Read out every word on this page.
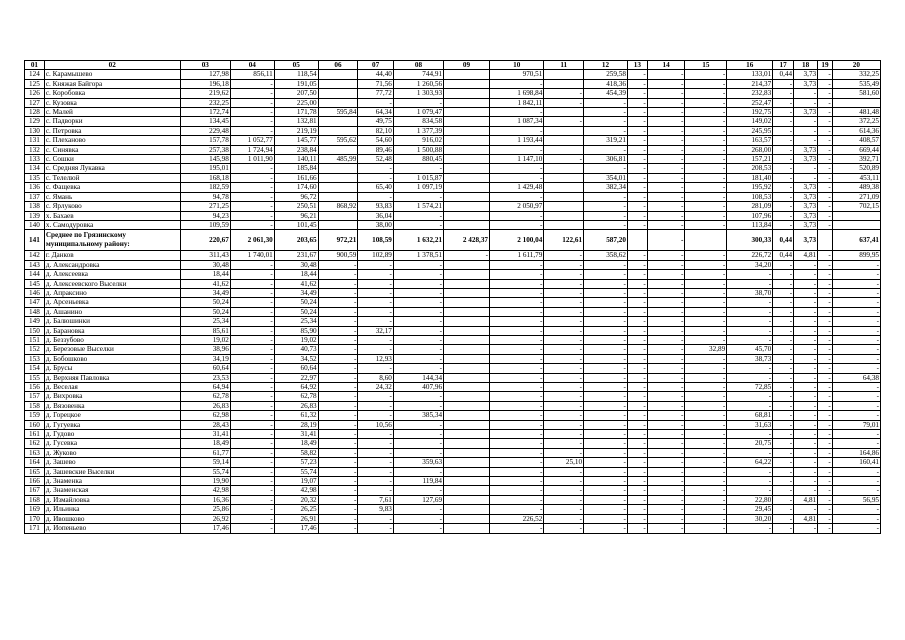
01	02	03	04	05	06	07	08	09	10	11	12	13	14	15	16	17	18	19	20
124	с. Карамышево	127,98	856,11	118,54		44,40	744,91		970,51		259,58	-	-	-	133,01	0,44	3,73	-	332,25
125	с. Княжая Байгора	196,18	-	191,05		71,56	1 260,56		-		418,36	-	-	-	214,37	-	3,73	-	535,49
126	с. Коробовка	219,62	-	207,50		77,72	1 303,93		1 698,84	-	454,39	-	-	-	232,83	-	-	-	581,60
127	с. Кузовка	232,25	-	225,00		-	-		1 842,11	-	-	-	-	-	252,47	-	-	-	
128	с. Малей	172,74	-	171,78	595,84	64,34	1 079,47		-		-	-	-	-	192,75	-	3,73	-	481,48
129	с. Падворки	134,45	-	132,81		49,75	834,58		1 087,34	-	-	-	-	-	149,02	-	-	-	372,25
130	с. Петровка	229,48	-	219,19		82,10	1 377,39		-		-	-	-	-	245,95	-	-	-	614,36
131	с. Плехановo	157,78	1 052,77	145,77	595,62	54,60	916,02		1 193,44		319,21	-	-	-	163,57	-	-	-	408,57
132	с. Синявка	257,38	1 724,94	238,84		89,46	1 500,88		-		-	-	-	-	268,00	-	3,73	-	669,44
133	с. Сошки	145,98	1 011,90	140,11	485,99	52,48	880,45		1 147,10	-	306,81	-	-	-	157,21	-	3,73	-	392,71
134	с. Средняя Лукавка	195,01	-	185,84		-	-		-		-	-	-	-	208,53	-	-	-	520,89
135	с. Телелюй	168,18	-	161,66		-	1 015,87		-		354,01	-	-	-	181,40	-	-	-	453,11
136	с. Фащевка	182,59	-	174,60		65,40	1 097,19		1 429,48		382,34	-	-	-	195,92	-	3,73	-	489,38
137	с. Ямань	94,78	-	96,72		-	-		-		-	-	-	-	108,53	-	3,73	-	271,09
138	с. Ярлуково	271,25	-	250,51	868,92	93,83	1 574,21		2 050,97		-	-	-	-	281,09	-	3,73	-	702,15
139	х. Бахаев	94,23	-	96,21		36,04	-		-		-	-	-	-	107,96	-	3,73	-	
140	х. Самодуровка	109,59	-	101,45		38,00	-		-		-	-	-	-	113,84	-	3,73	-	
141	Среднее по Грязинскому муниципальному району:	220,67	2 061,30	203,65	972,21	108,59	1 632,21	2 428,37	2 100,04	122,61	587,20		-		300,33	0,44	3,73		637,41
142	г. Данков	311,43	1 740,01	231,67	900,59	102,89	1 378,51	-	1 611,79	-	358,62	-	-	-	226,72	0,44	4,81	-	899,95
143	д. Александровка	30,48	-	30,48	-	-	-		-	-	-	-	-	-	34,20	-	-	-	-
144	д. Алексеевка	18,44	-	18,44	-	-	-		-	-	-	-	-	-	-	-	-	-	-
145	д. Алексеевского Выселки	41,62	-	41,62	-	-	-		-	-	-	-	-	-	-	-	-	-	-
146	д. Апраксино	34,49	-	34,49	-	-	-		-	-	-	-	-	-	38,70	-	-	-	-
147	д. Арсеньевка	50,24	-	50,24	-	-	-		-	-	-	-	-	-	-	-	-	-	-
148	д. Ашанино	50,24	-	50,24	-	-	-		-	-	-	-	-	-	-	-	-	-	-
149	д. Балюшинки	25,34	-	25,34	-	-	-		-	-	-	-	-	-	-	-	-	-	-
150	д. Барановка	85,61	-	85,90	-	32,17	-		-	-	-	-	-	-	-	-	-	-	-
151	д. Беззубово	19,02	-	19,02	-	-	-		-	-	-	-	-	-	-	-	-	-	-
152	д. Березовые Выселки	38,96	-	40,73	-	-	-		-	-	-	-	-	32,89	45,70	-	-	-	-
153	д. Бобошково	34,19	-	34,52	-	12,93	-		-	-	-	-	-	-	38,73	-	-	-	-
154	д. Брусы	60,64	-	60,64	-	-	-		-	-	-	-	-	-	-	-	-	-	-
155	д. Верхняя Павловка	23,53	-	22,97	-	8,60	144,34		-	-	-	-	-	-	-	-	-	-	64,38
156	д. Веселая	64,94	-	64,92	-	24,32	407,96		-	-	-	-	-	-	72,85	-	-	-	-
157	д. Вихровка	62,78	-	62,78	-	-	-		-	-	-	-	-	-	-	-	-	-	-
158	д. Вязовенка	26,83	-	26,83	-	-	-		-	-	-	-	-	-	-	-	-	-	-
159	д. Горецкое	62,98	-	61,32	-	-	385,34		-	-	-	-	-	-	68,81	-	-	-	-
160	д. Гугуевка	28,43	-	28,19	-	10,56	-		-	-	-	-	-	-	31,63	-	-	-	79,01
161	д. Гудово	31,41	-	31,41	-	-	-		-	-	-	-	-	-	-	-	-	-	-
162	д. Гусевка	18,49	-	18,49	-	-	-		-	-	-	-	-	-	20,75	-	-	-	-
163	д. Жуково	61,77	-	58,82	-	-	-		-	-	-	-	-	-	-	-	-	-	164,86
164	д. Зашево	59,14	-	57,23	-	-	359,63		-	25,10	-	-	-	-	64,22	-	-	-	160,41
165	д. Зашевские Выселки	55,74	-	55,74	-	-	-		-	-	-	-	-	-	-	-	-	-	-
166	д. Знаменка	19,90	-	19,07	-	-	119,84		-	-	-	-	-	-	-	-	-	-	-
167	д. Знаменская	42,98	-	42,98	-	-	-		-	-	-	-	-	-	-	-	-	-	-
168	д. Измайловка	16,36	-	20,32	-	7,61	127,69		-	-	-	-	-	-	22,80	-	4,81	-	56,95
169	д. Ильинка	25,86	-	26,25	-	9,83	-		-	-	-	-	-	-	29,45	-	-	-	-
170	д. Ивошково	26,92	-	26,91	-	-	-		226,52	-	-	-	-	-	30,20	-	4,81	-	-
171	д. Иопеньево	17,46	-	17,46	-	-	-		-	-	-	-	-	-	-	-	-	-	-
